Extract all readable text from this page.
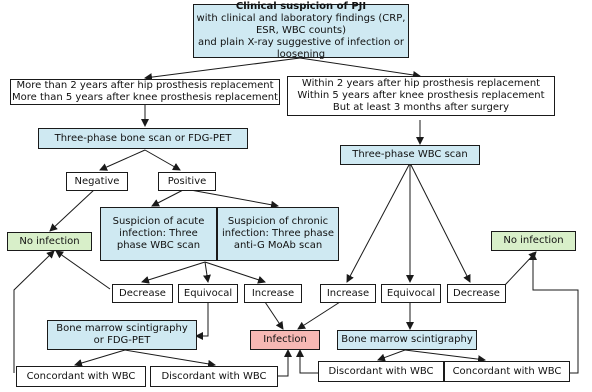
Clinical suspicion of PJI
with clinical and laboratory findings (CRP, ESR, WBC counts)
and plain X-ray suggestive of infection or loosening
More than 2 years after hip prosthesis replacement
More than 5 years after knee prosthesis replacement
Within 2 years after hip prosthesis replacement
Within 5 years after knee prosthesis replacement
But at least 3 months after surgery
Three-phase bone scan or FDG-PET
Three-phase WBC scan
Negative	Positive
Suspicion of acute infection: Three phase WBC scan
Suspicion of chronic infection: Three phase anti-G MoAb scan
No infection	No infection
Decrease Equivocal Increase	Increase Equivocal Decrease
Bone marrow scintigraphy or FDG-PET	Infection	Bone marrow scintigraphy
Concordant with WBC	Discordant with WBC	Discordant with WBC Concordant with WBC
